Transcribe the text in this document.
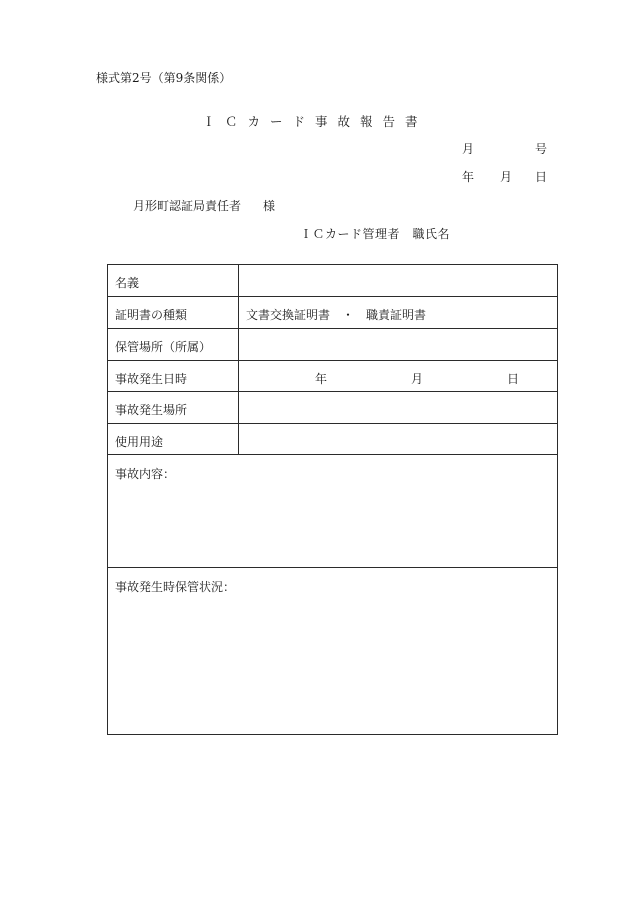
様式第2号（第9条関係）
ＩＣカード事故報告書
月	号
年 月 日
月形町認証局責任者 様
ＩＣカード管理者　職氏名
名義
証明書の種類	文書交換証明書　・　職責証明書
保管場所（所属）
事故発生日時	年	月	日
事故発生場所
使用用途
事故内容：
事故発生時保管状況：
